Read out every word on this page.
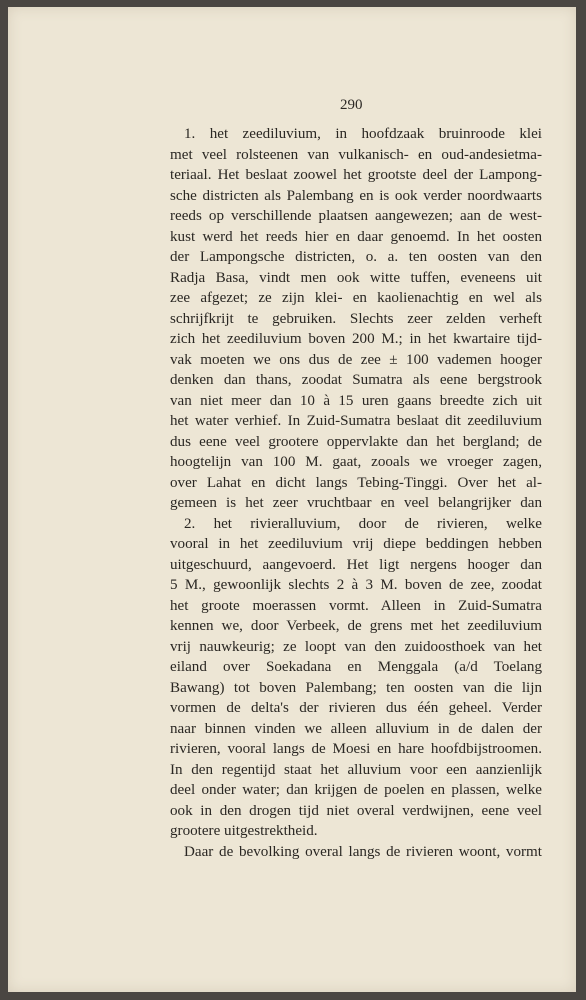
290
1. het zeediluvium, in hoofdzaak bruinroode klei
met veel rolsteenen van vulkanisch- en oud-andesietma-
teriaal. Het beslaat zoowel het grootste deel der Lampong-
sche districten als Palembang en is ook verder noordwaarts
reeds op verschillende plaatsen aangewezen; aan de west-
kust werd het reeds hier en daar genoemd. In het oosten
der Lampongsche districten, o. a. ten oosten van den
Radja Basa, vindt men ook witte tuffen, eveneens uit
zee afgezet; ze zijn klei- en kaolienachtig en wel als
schrijfkrijt te gebruiken. Slechts zeer zelden verheft
zich het zeediluvium boven 200 M.; in het kwartaire tijd-
vak moeten we ons dus de zee ± 100 vademen hooger
denken dan thans, zoodat Sumatra als eene bergstrook
van niet meer dan 10 à 15 uren gaans breedte zich uit
het water verhief. In Zuid-Sumatra beslaat dit zeediluvium
dus eene veel grootere oppervlakte dan het bergland; de
hoogtelijn van 100 M. gaat, zooals we vroeger zagen,
over Lahat en dicht langs Tebing-Tinggi. Over het al-
gemeen is het zeer vruchtbaar en veel belangrijker dan
2. het rivieralluvium, door de rivieren, welke
vooral in het zeediluvium vrij diepe beddingen hebben
uitgeschuurd, aangevoerd. Het ligt nergens hooger dan
5 M., gewoonlijk slechts 2 à 3 M. boven de zee, zoodat
het groote moerassen vormt. Alleen in Zuid-Sumatra
kennen we, door Verbeek, de grens met het zeediluvium
vrij nauwkeurig; ze loopt van den zuidoosthoek van het
eiland over Soekadana en Menggala (a/d Toelang
Bawang) tot boven Palembang; ten oosten van die lijn
vormen de delta's der rivieren dus één geheel. Verder
naar binnen vinden we alleen alluvium in de dalen der
rivieren, vooral langs de Moesi en hare hoofdbijstroomen.
In den regentijd staat het alluvium voor een aanzienlijk
deel onder water; dan krijgen de poelen en plassen, welke
ook in den drogen tijd niet overal verdwijnen, eene veel
grootere uitgestrektheid.
Daar de bevolking overal langs de rivieren woont, vormt
